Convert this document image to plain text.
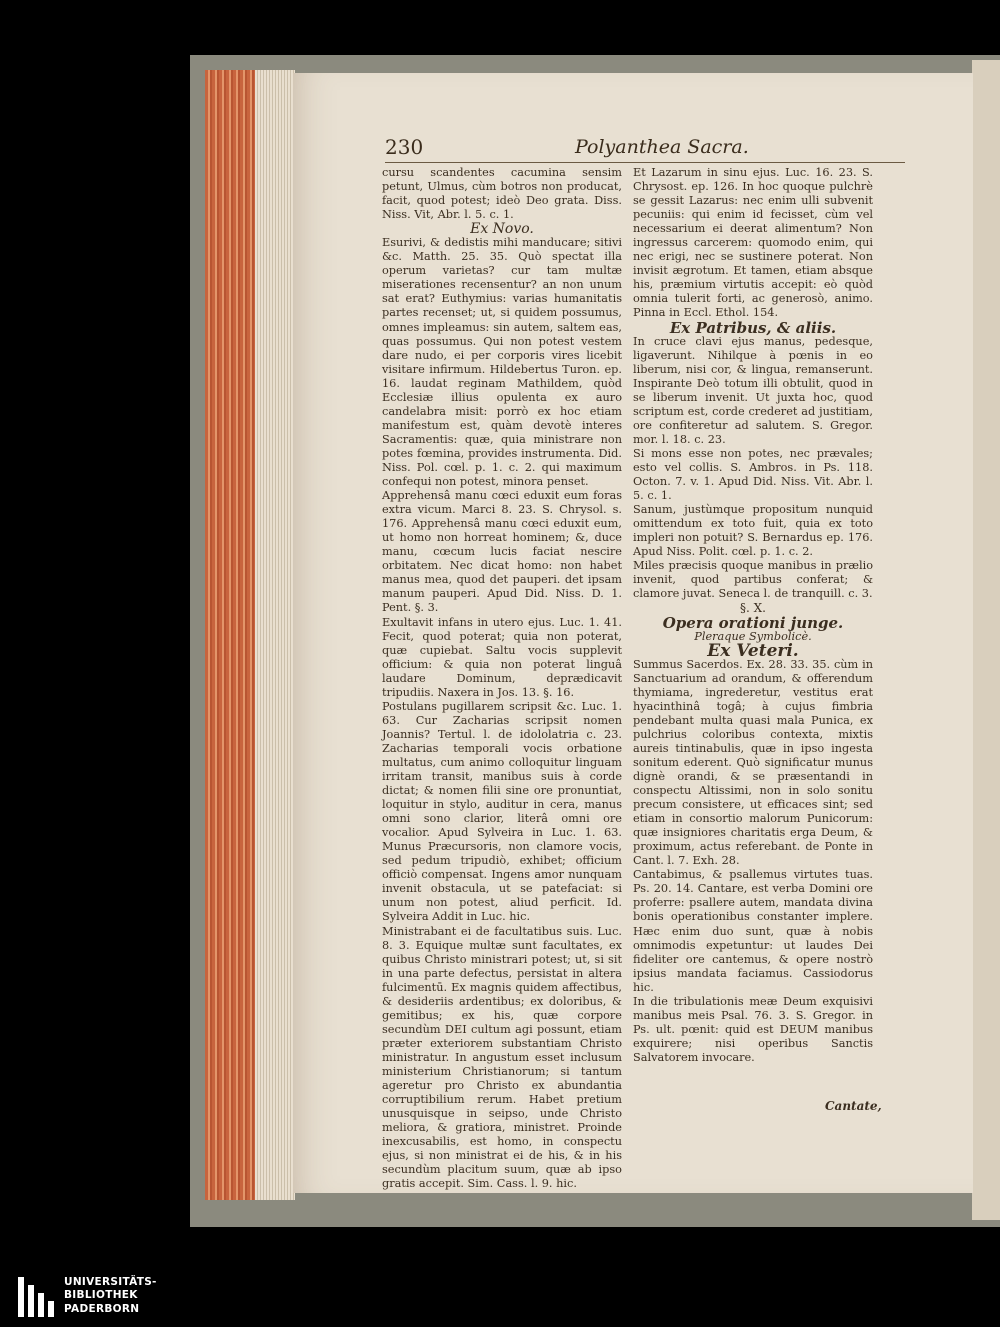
230	Polyanthea Sacra.

cursu scandentes cacumina sensim petunt, Ulmus, cùm botros non producat, facit, quod potest; ideò Deo grata. Diss. Niss. Vit, Abr. l. 5. c. 1.

Ex Novo.

Esurivi, & dedistis mihi manducare; sitivi &c. Matth. 25. 35. Quò spectat illa operum varietas? cur tam multæ miserationes recensentur? an non unum sat erat? Euthymius: varias humanitatis partes recenset; ut, si quidem possumus, omnes impleamus: sin autem, saltem eas, quas possumus. Qui non potest vestem dare nudo, ei per corporis vires licebit visitare infirmum. Hildebertus Turon. ep. 16. laudat reginam Mathildem, quòd Ecclesiæ illius opulenta ex auro candelabra misit: porrò ex hoc etiam manifestum est, quàm devotè interes Sacramentis: quæ, quia ministrare non potes fœmina, provides instrumenta. Did. Niss. Pol. cœl. p. 1. c. 2. qui maximum confequi non potest, minora penset.

Apprehensâ manu cœci eduxit eum foras extra vicum. Marci 8. 23. S. Chrysol. s. 176. Apprehensâ manu cœci eduxit eum, ut homo non horreat hominem; &, duce manu, cœcum lucis faciat nescire orbitatem. Nec dicat homo: non habet manus mea, quod det pauperi. det ipsam manum pauperi. Apud Did. Niss. D. 1. Pent. §. 3.

Exultavit infans in utero ejus. Luc. 1. 41. Fecit, quod poterat; quia non poterat, quæ cupiebat. Saltu vocis supplevit officium: & quia non poterat linguâ laudare Dominum, deprædicavit tripudiis. Naxera in Jos. 13. §. 16.

Postulans pugillarem scripsit &c. Luc. 1. 63. Cur Zacharias scripsit nomen Joannis? Tertul. l. de idololatria c. 23. Zacharias temporali vocis orbatione multatus, cum animo colloquitur linguam irritam transit, manibus suis à corde dictat; & nomen filii sine ore pronuntiat, loquitur in stylo, auditur in cera, manus omni sono clarior, literâ omni ore vocalior. Apud Sylveira in Luc. 1. 63. Munus Præcursoris, non clamore vocis, sed pedum tripudiò, exhibet; officium officiò compensat. Ingens amor nunquam invenit obstacula, ut se patefaciat: si unum non potest, aliud perficit. Id. Sylveira Addit in Luc. hic.

Ministrabant ei de facultatibus suis. Luc. 8. 3. Equique multæ sunt facultates, ex quibus Christo ministrari potest; ut, si sit in una parte defectus, persistat in altera fulcimentū. Ex magnis quidem affectibus, & desideriis ardentibus; ex doloribus, & gemitibus; ex his, quæ corpore secundùm DEI cultum agi possunt, etiam præter exteriorem substantiam Christo ministratur. In angustum esset inclusum ministerium Christianorum; si tantum ageretur pro Christo ex abundantia corruptibilium rerum. Habet pretium unusquisque in seipso, unde Christo meliora, & gratiora, ministret. Proinde inexcusabilis, est homo, in conspectu ejus, si non ministrat ei de his, & in his secundùm placitum suum, quæ ab ipso gratis accepit. Sim. Cass. l. 9. hic.

Et Lazarum in sinu ejus. Luc. 16. 23. S. Chrysost. ep. 126. In hoc quoque pulchrè se gessit Lazarus: nec enim ulli subvenit pecuniis: qui enim id fecisset, cùm vel necessarium ei deerat alimentum? Non ingressus carcerem: quomodo enim, qui nec erigi, nec se sustinere poterat. Non invisit ægrotum. Et tamen, etiam absque his, præmium virtutis accepit: eò quòd omnia tulerit forti, ac generosò, animo. Pinna in Eccl. Ethol. 154.

Ex Patribus, & aliis.

In cruce clavi ejus manus, pedesque, ligaverunt. Nihilque à pœnis in eo liberum, nisi cor, & lingua, remanserunt. Inspirante Deò totum illi obtulit, quod in se liberum invenit. Ut juxta hoc, quod scriptum est, corde crederet ad justitiam, ore confiteretur ad salutem. S. Gregor. mor. l. 18. c. 23.

Si mons esse non potes, nec prævales; esto vel collis. S. Ambros. in Ps. 118. Octon. 7. v. 1. Apud Did. Niss. Vit. Abr. l. 5. c. 1.

Sanum, justùmque propositum nunquid omittendum ex toto fuit, quia ex toto impleri non potuit? S. Bernardus ep. 176. Apud Niss. Polit. cœl. p. 1. c. 2.

Miles præcisis quoque manibus in prælio invenit, quod partibus conferat; & clamore juvat. Seneca l. de tranquill. c. 3.

§. X.

Opera orationi junge.

Pleraque Symbolicè.

Ex Veteri.

Summus Sacerdos. Ex. 28. 33. 35. cùm in Sanctuarium ad orandum, & offerendum thymiama, ingrederetur, vestitus erat hyacinthinâ togâ; à cujus fimbria pendebant multa quasi mala Punica, ex pulchrius coloribus contexta, mixtis aureis tintinabulis, quæ in ipso ingesta sonitum ederent. Quò significatur munus dignè orandi, & se præsentandi in conspectu Altissimi, non in solo sonitu precum consistere, ut efficaces sint; sed etiam in consortio malorum Punicorum: quæ insigniores charitatis erga Deum, & proximum, actus referebant. de Ponte in Cant. l. 7. Exh. 28.

Cantabimus, & psallemus virtutes tuas. Ps. 20. 14. Cantare, est verba Domini ore proferre: psallere autem, mandata divina bonis operationibus constanter implere. Hæc enim duo sunt, quæ à nobis omnimodis expetuntur: ut laudes Dei fideliter ore cantemus, & opere nostrò ipsius mandata faciamus. Cassiodorus hic.

In die tribulationis meæ Deum exquisivi manibus meis Psal. 76. 3. S. Gregor. in Ps. ult. pœnit: quid est DEUM manibus exquirere; nisi operibus Sanctis Salvatorem invocare.

Cantate,
UNIVERSITÄTS-
BIBLIOTHEK
PADERBORN
